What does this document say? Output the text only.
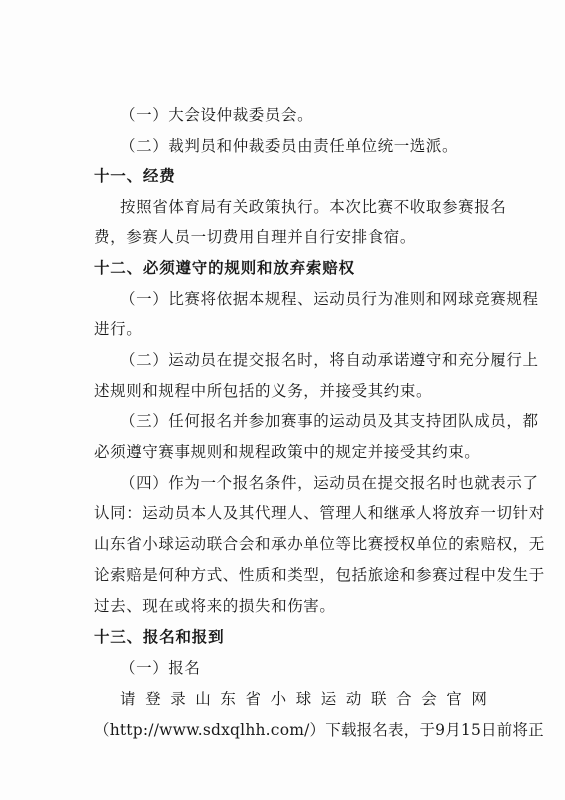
（一）大会设仲裁委员会。
（二）裁判员和仲裁委员由责任单位统一选派。
十一、经费
按照省体育局有关政策执行。本次比赛不收取参赛报名
费，参赛人员一切费用自理并自行安排食宿。
十二、必须遵守的规则和放弃索赔权
（一）比赛将依据本规程、运动员行为准则和网球竞赛规程
进行。
（二）运动员在提交报名时，将自动承诺遵守和充分履行上
述规则和规程中所包括的义务，并接受其约束。
（三）任何报名并参加赛事的运动员及其支持团队成员，都
必须遵守赛事规则和规程政策中的规定并接受其约束。
（四）作为一个报名条件，运动员在提交报名时也就表示了
认同：运动员本人及其代理人、管理人和继承人将放弃一切针对
山东省小球运动联合会和承办单位等比赛授权单位的索赔权，无
论索赔是何种方式、性质和类型，包括旅途和参赛过程中发生于
过去、现在或将来的损失和伤害。
十三、报名和报到
（一）报名
请登录山东省小球运动联合会官网
（http://www.sdxqlhh.com/）下载报名表，于9月15日前将正
